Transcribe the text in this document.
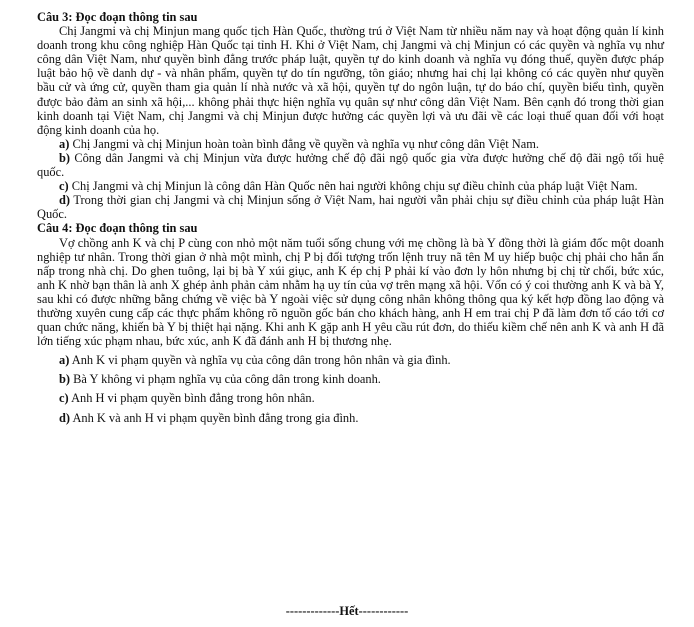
Câu 3: Đọc đoạn thông tin sau

Chị Jangmi và chị Minjun mang quốc tịch Hàn Quốc, thường trú ở Việt Nam từ nhiều năm nay và hoạt động quản lí kinh doanh trong khu công nghiệp Hàn Quốc tại tỉnh H. Khi ở Việt Nam, chị Jangmi và chị Minjun có các quyền và nghĩa vụ như công dân Việt Nam, như quyền bình đẳng trước pháp luật, quyền tự do kinh doanh và nghĩa vụ đóng thuế, quyền được pháp luật bảo hộ về danh dự - và nhân phẩm, quyền tự do tín ngưỡng, tôn giáo; nhưng hai chị lại không có các quyền như quyền bầu cử và ứng cử, quyền tham gia quản lí nhà nước và xã hội, quyền tự do ngôn luận, tự do báo chí, quyền biểu tình, quyền được bảo đảm an sinh xã hội,... không phải thực hiện nghĩa vụ quân sự như công dân Việt Nam. Bên cạnh đó trong thời gian kinh doanh tại Việt Nam, chị Jangmi và chị Minjun được hưởng các quyền lợi và ưu đãi về các loại thuế quan đối với hoạt động kinh doanh của họ.

a) Chị Jangmi và chị Minjun hoàn toàn bình đẳng về quyền và nghĩa vụ như công dân Việt Nam.

b) Công dân Jangmi và chị Minjun vừa được hưởng chế độ đãi ngộ quốc gia vừa được hưởng chế độ đãi ngộ tối huệ quốc.

c) Chị Jangmi và chị Minjun là công dân Hàn Quốc nên hai người không chịu sự điều chỉnh của pháp luật Việt Nam.

d) Trong thời gian chị Jangmi và chị Minjun sống ở Việt Nam, hai người vẫn phải chịu sự điều chỉnh của pháp luật Hàn Quốc.

Câu 4: Đọc đoạn thông tin sau

Vợ chồng anh K và chị P cùng con nhỏ một năm tuổi sống chung với mẹ chồng là bà Y đồng thời là giám đốc một doanh nghiệp tư nhân. Trong thời gian ở nhà một mình, chị P bị đối tượng trốn lệnh truy nã tên M uy hiếp buộc chị phải cho hắn ẩn nấp trong nhà chị. Do ghen tuông, lại bị bà Y xúi giục, anh K ép chị P phải kí vào đơn ly hôn nhưng bị chị từ chối, bức xúc, anh K nhờ bạn thân là anh X ghép ảnh phản cảm nhằm hạ uy tín của vợ trên mạng xã hội. Vốn có ý coi thường anh K và bà Y, sau khi có được những bằng chứng về việc bà Y ngoài việc sử dụng công nhân không thông qua ký kết hợp đồng lao động và thường xuyên cung cấp các thực phẩm không rõ nguồn gốc bán cho khách hàng, anh H em trai chị P đã làm đơn tố cáo tới cơ quan chức năng, khiến bà Y bị thiệt hại nặng. Khi anh K gặp anh H yêu cầu rút đơn, do thiếu kiềm chế nên anh K và anh H đã lớn tiếng xúc phạm nhau, bức xúc, anh K đã đánh anh H bị thương nhẹ.

a) Anh K vi phạm quyền và nghĩa vụ của công dân trong hôn nhân và gia đình.

b) Bà Y không vi phạm nghĩa vụ của công dân trong kinh doanh.

c) Anh H vi phạm quyền bình đẳng trong hôn nhân.

d) Anh K và anh H vi phạm quyền bình đẳng trong gia đình.

-------------Hết------------
